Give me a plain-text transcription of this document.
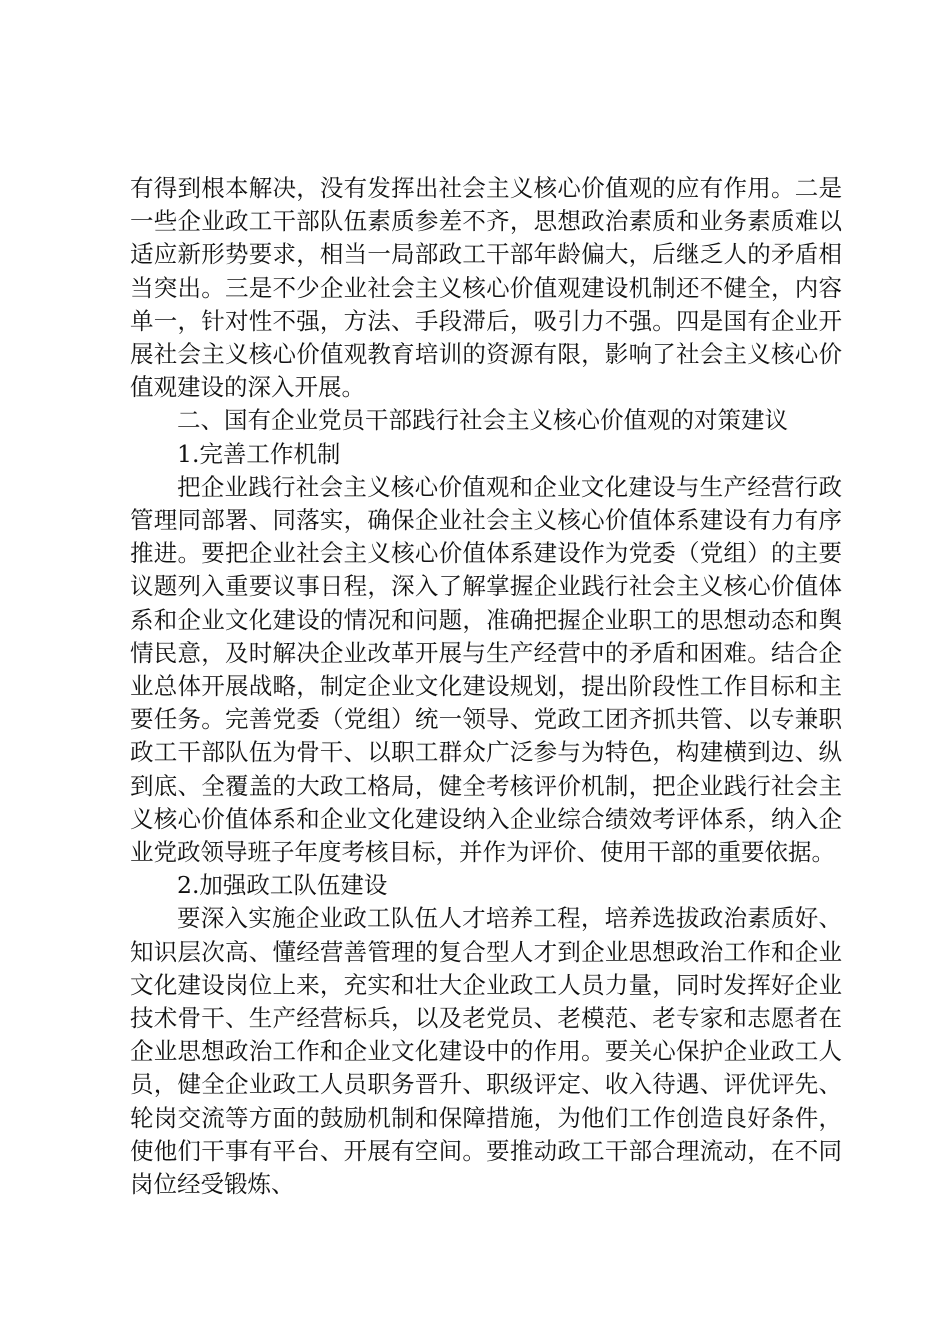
有得到根本解决，没有发挥出社会主义核心价值观的应有作用。二是一些企业政工干部队伍素质参差不齐，思想政治素质和业务素质难以适应新形势要求，相当一局部政工干部年龄偏大，后继乏人的矛盾相当突出。三是不少企业社会主义核心价值观建设机制还不健全，内容单一，针对性不强，方法、手段滞后，吸引力不强。四是国有企业开展社会主义核心价值观教育培训的资源有限，影响了社会主义核心价值观建设的深入开展。

二、国有企业党员干部践行社会主义核心价值观的对策建议

1.完善工作机制

把企业践行社会主义核心价值观和企业文化建设与生产经营行政管理同部署、同落实，确保企业社会主义核心价值体系建设有力有序推进。要把企业社会主义核心价值体系建设作为党委（党组）的主要议题列入重要议事日程，深入了解掌握企业践行社会主义核心价值体系和企业文化建设的情况和问题，准确把握企业职工的思想动态和舆情民意，及时解决企业改革开展与生产经营中的矛盾和困难。结合企业总体开展战略，制定企业文化建设规划，提出阶段性工作目标和主要任务。完善党委（党组）统一领导、党政工团齐抓共管、以专兼职政工干部队伍为骨干、以职工群众广泛参与为特色，构建横到边、纵到底、全覆盖的大政工格局，健全考核评价机制，把企业践行社会主义核心价值体系和企业文化建设纳入企业综合绩效考评体系，纳入企业党政领导班子年度考核目标，并作为评价、使用干部的重要依据。

2.加强政工队伍建设

要深入实施企业政工队伍人才培养工程，培养选拔政治素质好、知识层次高、懂经营善管理的复合型人才到企业思想政治工作和企业文化建设岗位上来，充实和壮大企业政工人员力量，同时发挥好企业技术骨干、生产经营标兵，以及老党员、老模范、老专家和志愿者在企业思想政治工作和企业文化建设中的作用。要关心保护企业政工人员，健全企业政工人员职务晋升、职级评定、收入待遇、评优评先、轮岗交流等方面的鼓励机制和保障措施，为他们工作创造良好条件，使他们干事有平台、开展有空间。要推动政工干部合理流动，在不同岗位经受锻炼、
